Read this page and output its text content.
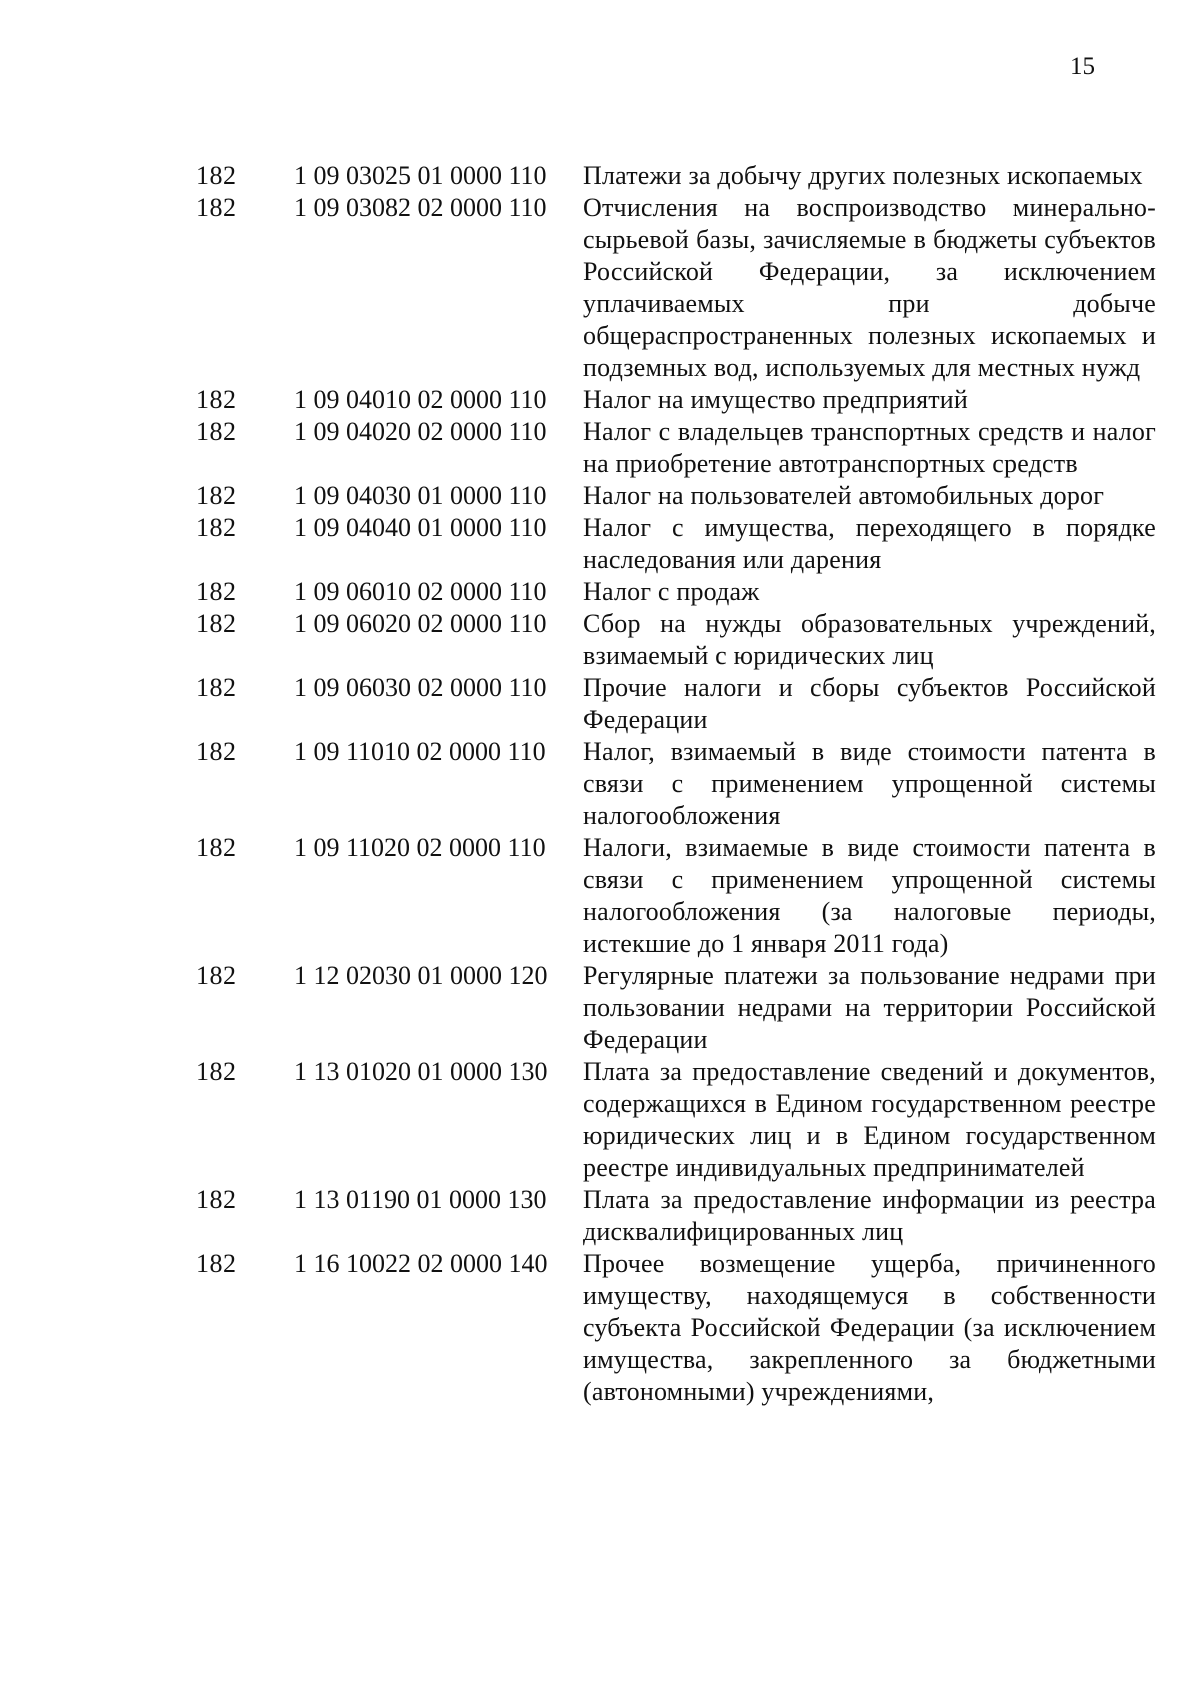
15
182 1 09 03025 01 0000 110 Платежи за добычу других полезных ископаемых
182 1 09 03082 02 0000 110 Отчисления на воспроизводство минерально-сырьевой базы, зачисляемые в бюджеты субъектов Российской Федерации, за исключением уплачиваемых при добыче общераспространенных полезных ископаемых и подземных вод, используемых для местных нужд
182 1 09 04010 02 0000 110 Налог на имущество предприятий
182 1 09 04020 02 0000 110 Налог с владельцев транспортных средств и налог на приобретение автотранспортных средств
182 1 09 04030 01 0000 110 Налог на пользователей автомобильных дорог
182 1 09 04040 01 0000 110 Налог с имущества, переходящего в порядке наследования или дарения
182 1 09 06010 02 0000 110 Налог с продаж
182 1 09 06020 02 0000 110 Сбор на нужды образовательных учреждений, взимаемый с юридических лиц
182 1 09 06030 02 0000 110 Прочие налоги и сборы субъектов Российской Федерации
182 1 09 11010 02 0000 110 Налог, взимаемый в виде стоимости патента в связи с применением упрощенной системы налогообложения
182 1 09 11020 02 0000 110 Налоги, взимаемые в виде стоимости патента в связи с применением упрощенной системы налогообложения (за налоговые периоды, истекшие до 1 января 2011 года)
182 1 12 02030 01 0000 120 Регулярные платежи за пользование недрами при пользовании недрами на территории Российской Федерации
182 1 13 01020 01 0000 130 Плата за предоставление сведений и документов, содержащихся в Едином государственном реестре юридических лиц и в Едином государственном реестре индивидуальных предпринимателей
182 1 13 01190 01 0000 130 Плата за предоставление информации из реестра дисквалифицированных лиц
182 1 16 10022 02 0000 140 Прочее возмещение ущерба, причиненного имуществу, находящемуся в собственности субъекта Российской Федерации (за исключением имущества, закрепленного за бюджетными (автономными) учреждениями,
